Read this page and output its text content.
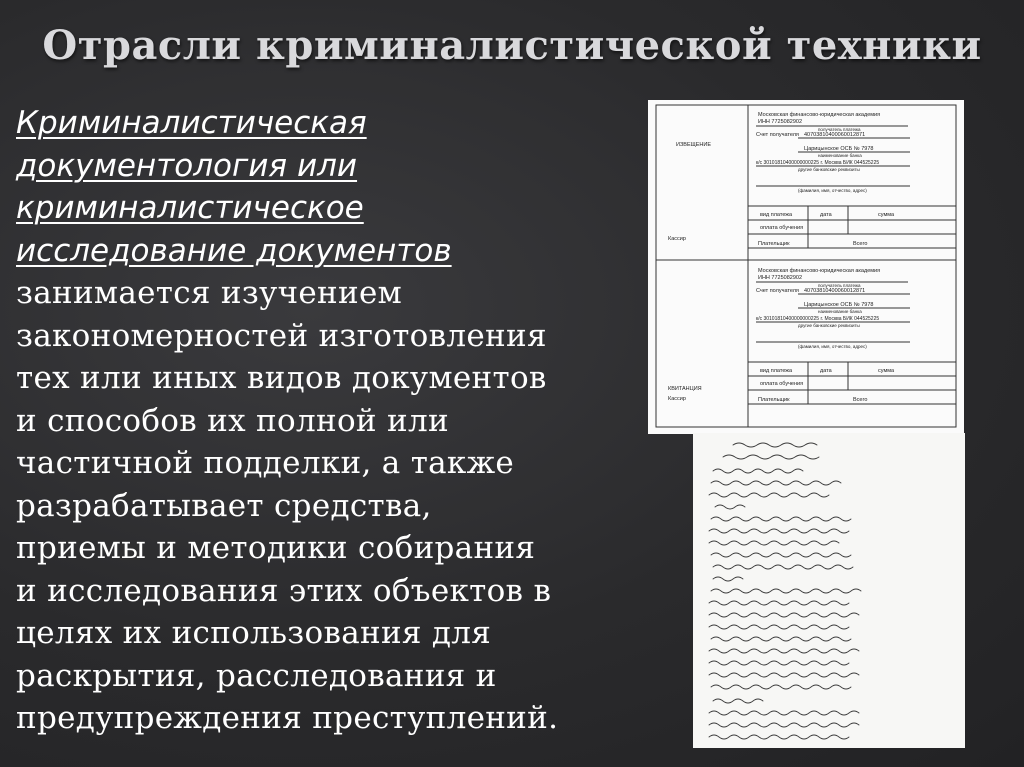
Отрасли криминалистической техники
Криминалистическая
документология или
криминалистическое
исследование документов
занимается изучением
закономерностей изготовления
тех или иных видов документов
и способов их полной или
частичной подделки, а также
разрабатывает средства,
приемы и методики собирания
и исследования этих объектов в
целях их использования для
раскрытия, расследования и
предупреждения преступлений.
ИЗВЕЩЕНИЕ
Кассир
Московская финансово-юридическая академия
ИНН 7725082902
получатель платежа
Счет получателя 40703810400060012871
Царицынское ОСБ № 7978
наименование банка
к/с 30101810400000000225 г. Москва БИК 044525225
другие банковские реквизиты
(фамилия, имя, отчество, адрес)
вид платежа	дата	сумма
оплата обучения
Плательщик	Всего
КВИТАНЦИЯ
Кассир
Московская финансово-юридическая академия
ИНН 7725082902
получатель платежа
Счет получателя 40703810400060012871
Царицынское ОСБ № 7978
наименование банка
к/с 30101810400000000225 г. Москва БИК 044525225
другие банковские реквизиты
(фамилия, имя, отчество, адрес)
вид платежа	дата	сумма
оплата обучения
Плательщик	Всего
